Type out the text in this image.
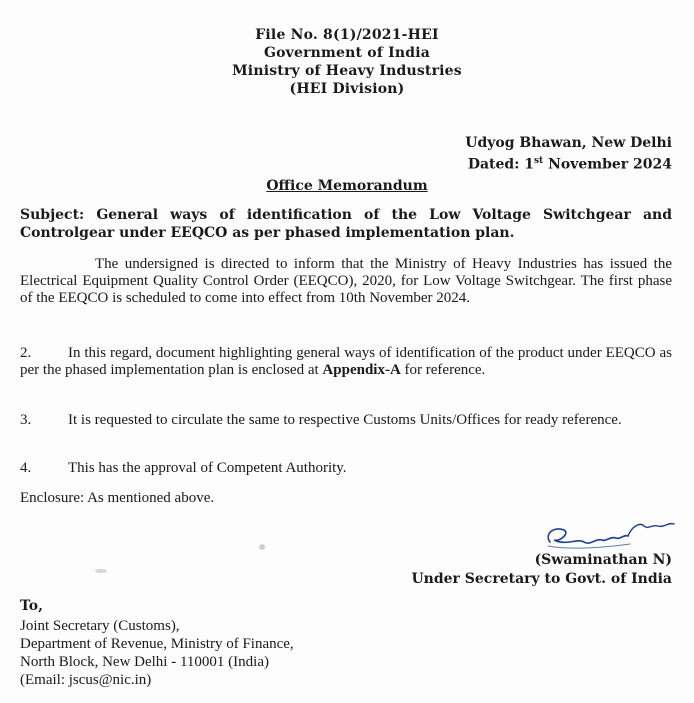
File No. 8(1)/2021-HEI
Government of India
Ministry of Heavy Industries
(HEI Division)
Udyog Bhawan, New Delhi
Dated: 1st November 2024
Office Memorandum
Subject: General ways of identification of the Low Voltage Switchgear and Controlgear under EEQCO as per phased implementation plan.
The undersigned is directed to inform that the Ministry of Heavy Industries has issued the Electrical Equipment Quality Control Order (EEQCO), 2020, for Low Voltage Switchgear. The first phase of the EEQCO is scheduled to come into effect from 10th November 2024.
2. In this regard, document highlighting general ways of identification of the product under EEQCO as per the phased implementation plan is enclosed at Appendix-A for reference.
3. It is requested to circulate the same to respective Customs Units/Offices for ready reference.
4. This has the approval of Competent Authority.
Enclosure: As mentioned above.
(Swaminathan N)
Under Secretary to Govt. of India
To,
Joint Secretary (Customs),
Department of Revenue, Ministry of Finance,
North Block, New Delhi - 110001 (India)
(Email: jscus@nic.in)
